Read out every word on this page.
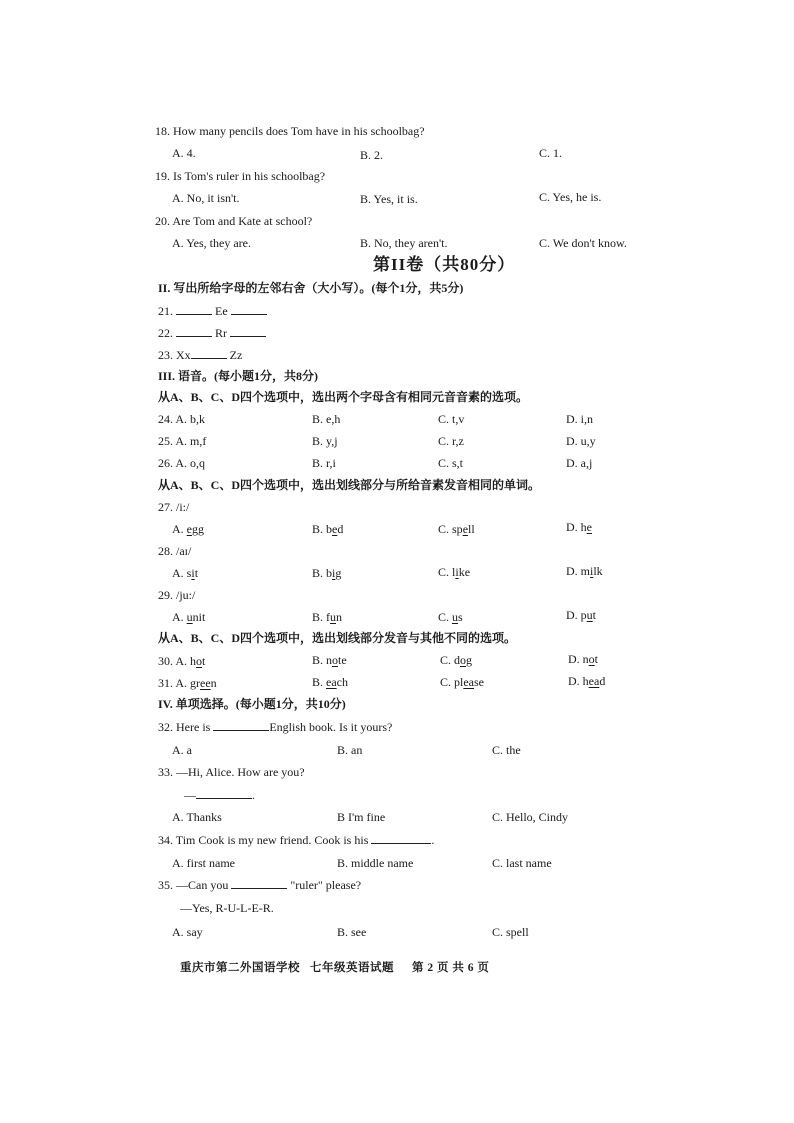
18. How many pencils does Tom have in his schoolbag?
A. 4.	B. 2.	C. 1.
19. Is Tom's ruler in his schoolbag?
A. No, it isn't.	B. Yes, it is.	C. Yes, he is.
20. Are Tom and Kate at school?
A. Yes, they are.	B. No, they aren't.	C. We don't know.
第II卷（共80分）
II. 写出所给字母的左邻右舍（大小写）。(每个1分，共5分)
21.	Ee
22.	Rr
23. Xx	Zz
III. 语音。(每小题1分，共8分)
从A、B、C、D四个选项中，选出两个字母含有相同元音音素的选项。
24. A. b,k	B. e,h	C. t,v	D. i,n
25. A. m,f	B. y,j	C. r,z	D. u,y
26. A. o,q	B. r,i	C. s,t	D. a,j
从A、B、C、D四个选项中，选出划线部分与所给音素发音相同的单词。
27. /i:/
A. egg	B. bed	C. spell	D. he
28. /aɪ/
A. sit	B. big	C. like	D. milk
29. /ju:/
A. unit	B. fun	C. us	D. put
从A、B、C、D四个选项中，选出划线部分发音与其他不同的选项。
30. A. hot	B. note	C. dog	D. not
31. A. green	B. each	C. please	D. head
IV. 单项选择。(每小题1分，共10分)
32. Here is	English book. Is it yours?
A. a	B. an	C. the
33. —Hi, Alice. How are you?
—	.
A. Thanks	B I'm fine	C. Hello, Cindy
34. Tim Cook is my new friend. Cook is his	.
A. first name	B. middle name	C. last name
35. —Can you	"ruler" please?
—Yes, R-U-L-E-R.
A. say	B. see	C. spell
重庆市第二外国语学校 七年级英语试题 第 2 页 共 6 页
